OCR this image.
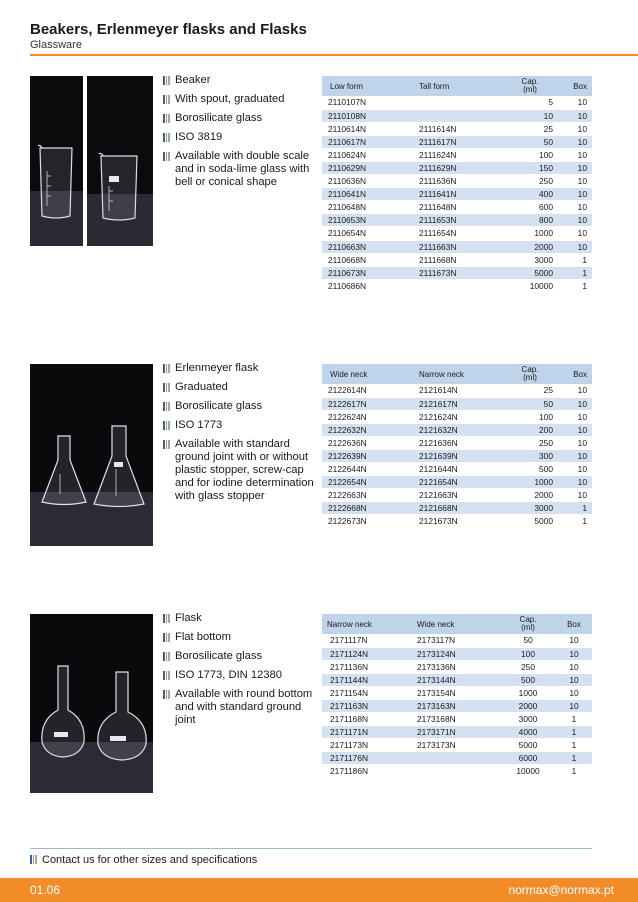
Beakers, Erlenmeyer flasks and Flasks
Glassware
Beaker
With spout, graduated
Borosilicate glass
ISO 3819
Available with double scale and in soda-lime glass with bell or conical shape
Low form	Tall form	Cap.
(ml)	Box
2110107N		5	10
2110108N		10	10
2110614N	2111614N	25	10
2110617N	2111617N	50	10
2110624N	2111624N	100	10
2110629N	2111629N	150	10
2110636N	2111636N	250	10
2110641N	2111641N	400	10
2110648N	2111648N	600	10
2110653N	2111653N	800	10
2110654N	2111654N	1000	10
2110663N	2111663N	2000	10
2110668N	2111668N	3000	1
2110673N	2111673N	5000	1
2110686N		10000	1
Erlenmeyer flask
Graduated
Borosilicate glass
ISO 1773
Available with standard ground joint with or without plastic stopper, screw-cap and for iodine determination with glass stopper
Wide neck	Narrow neck	Cap.
(ml)	Box
2122614N	2121614N	25	10
2122617N	2121617N	50	10
2122624N	2121624N	100	10
2122632N	2121632N	200	10
2122636N	2121636N	250	10
2122639N	2121639N	300	10
2122644N	2121644N	500	10
2122654N	2121654N	1000	10
2122663N	2121663N	2000	10
2122668N	2121668N	3000	1
2122673N	2121673N	5000	1
Flask
Flat bottom
Borosilicate glass
ISO 1773, DIN 12380
Available with round bottom and with standard ground joint
Narrow neck	Wide neck	Cap.
(ml)	Box
2171117N	2173117N	50	10
2171124N	2173124N	100	10
2171136N	2173136N	250	10
2171144N	2173144N	500	10
2171154N	2173154N	1000	10
2171163N	2173163N	2000	10
2171168N	2173168N	3000	1
2171171N	2173171N	4000	1
2171173N	2173173N	5000	1
2171176N		6000	1
2171186N		10000	1
Contact us for other sizes and specifications
01.06	normax@normax.pt
